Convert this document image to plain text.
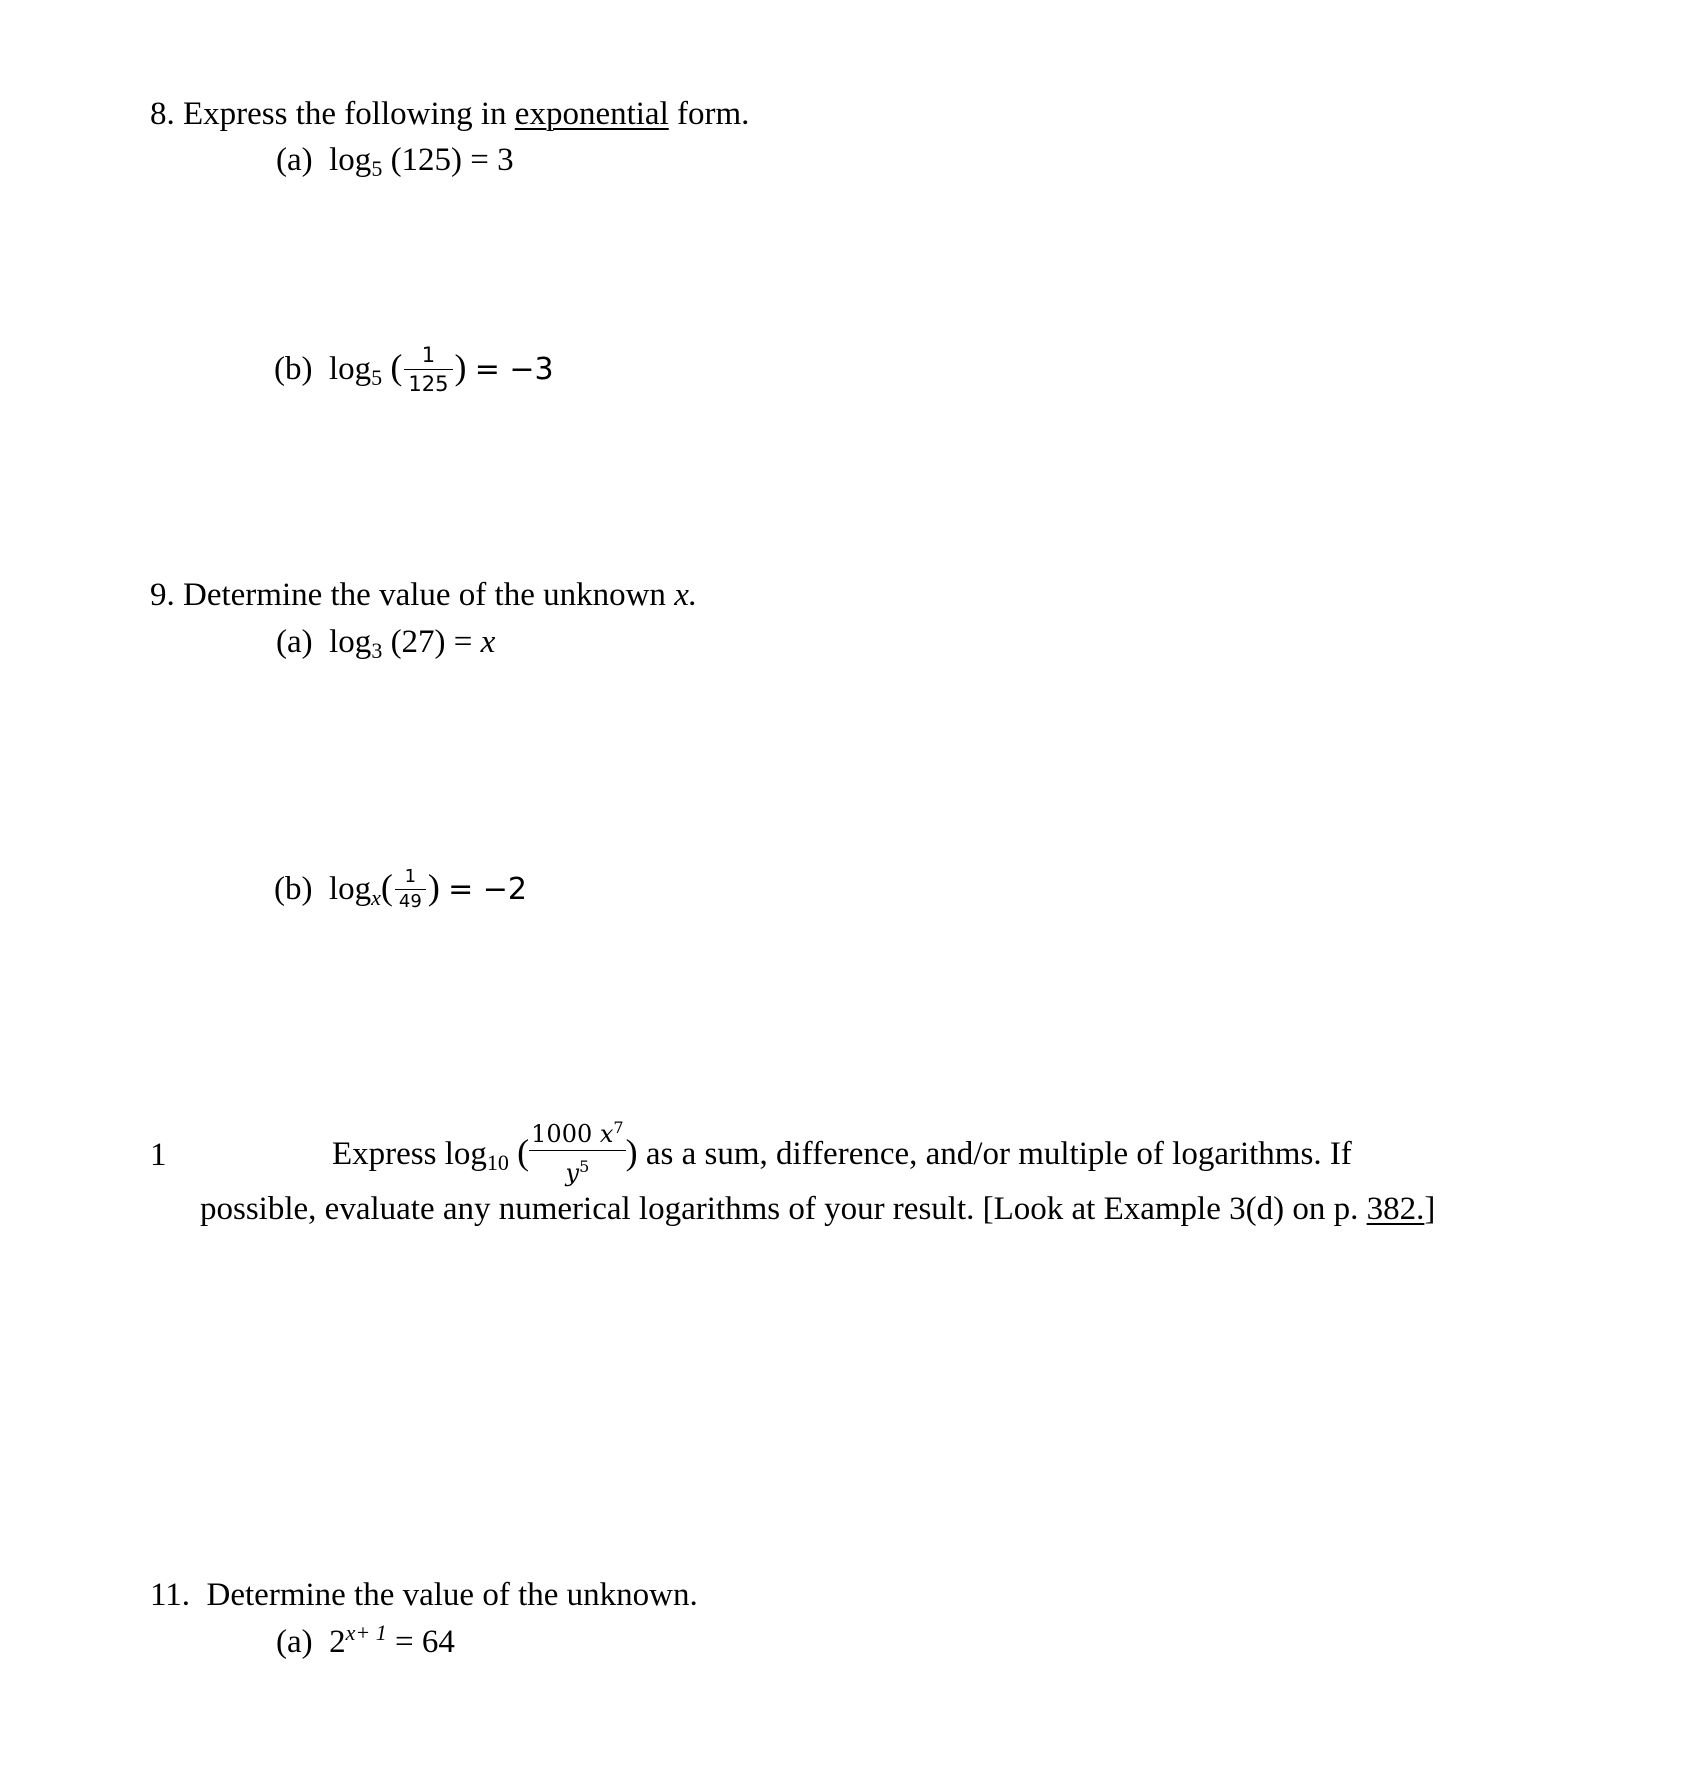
8. Express the following in exponential form.
(a) log5 (125) = 3
(b) log5 ( $\frac{1}{125}$ ) = −3
9. Determine the value of the unknown x.
(a) log3 (27) = x
(b) $\log x( \frac{1}{49}$ ) = −2
1	Express log10 ( $\frac{1000 x^7}{y^5}$ ) as a sum, difference, and/or multiple of logarithms. If
possible, evaluate any numerical logarithms of your result. [Look at Example 3(d) on p. 382.]
11. Determine the value of the unknown.
(a) $2^{x+ 1} = 64$
